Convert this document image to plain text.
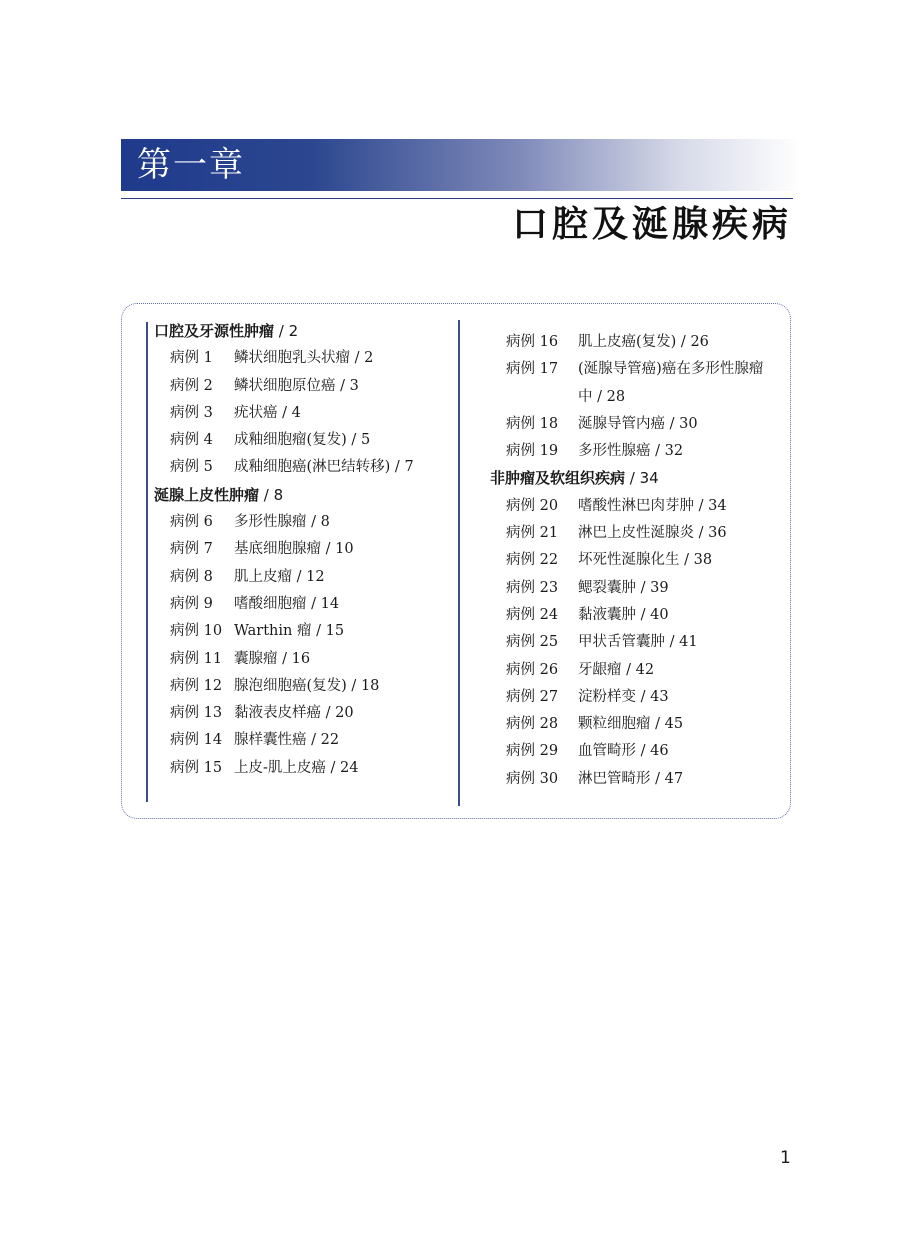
第一章
口腔及涎腺疾病
口腔及牙源性肿瘤 / 2
病例 1	鳞状细胞乳头状瘤 / 2
病例 2	鳞状细胞原位癌 / 3
病例 3	疣状癌 / 4
病例 4	成釉细胞瘤(复发) / 5
病例 5	成釉细胞癌(淋巴结转移) / 7
涎腺上皮性肿瘤 / 8
病例 6	多形性腺瘤 / 8
病例 7	基底细胞腺瘤 / 10
病例 8	肌上皮瘤 / 12
病例 9	嗜酸细胞瘤 / 14
病例 10 Warthin 瘤 / 15
病例 11 囊腺瘤 / 16
病例 12 腺泡细胞癌(复发) / 18
病例 13 黏液表皮样癌 / 20
病例 14 腺样囊性癌 / 22
病例 15 上皮-肌上皮癌 / 24
病例 16	肌上皮癌(复发) / 26
病例 17	(涎腺导管癌)癌在多形性腺瘤中 / 28
病例 18	涎腺导管内癌 / 30
病例 19	多形性腺癌 / 32
非肿瘤及软组织疾病 / 34
病例 20	嗜酸性淋巴肉芽肿 / 34
病例 21	淋巴上皮性涎腺炎 / 36
病例 22	坏死性涎腺化生 / 38
病例 23	鳃裂囊肿 / 39
病例 24	黏液囊肿 / 40
病例 25	甲状舌管囊肿 / 41
病例 26	牙龈瘤 / 42
病例 27	淀粉样变 / 43
病例 28	颗粒细胞瘤 / 45
病例 29	血管畸形 / 46
病例 30	淋巴管畸形 / 47
1
